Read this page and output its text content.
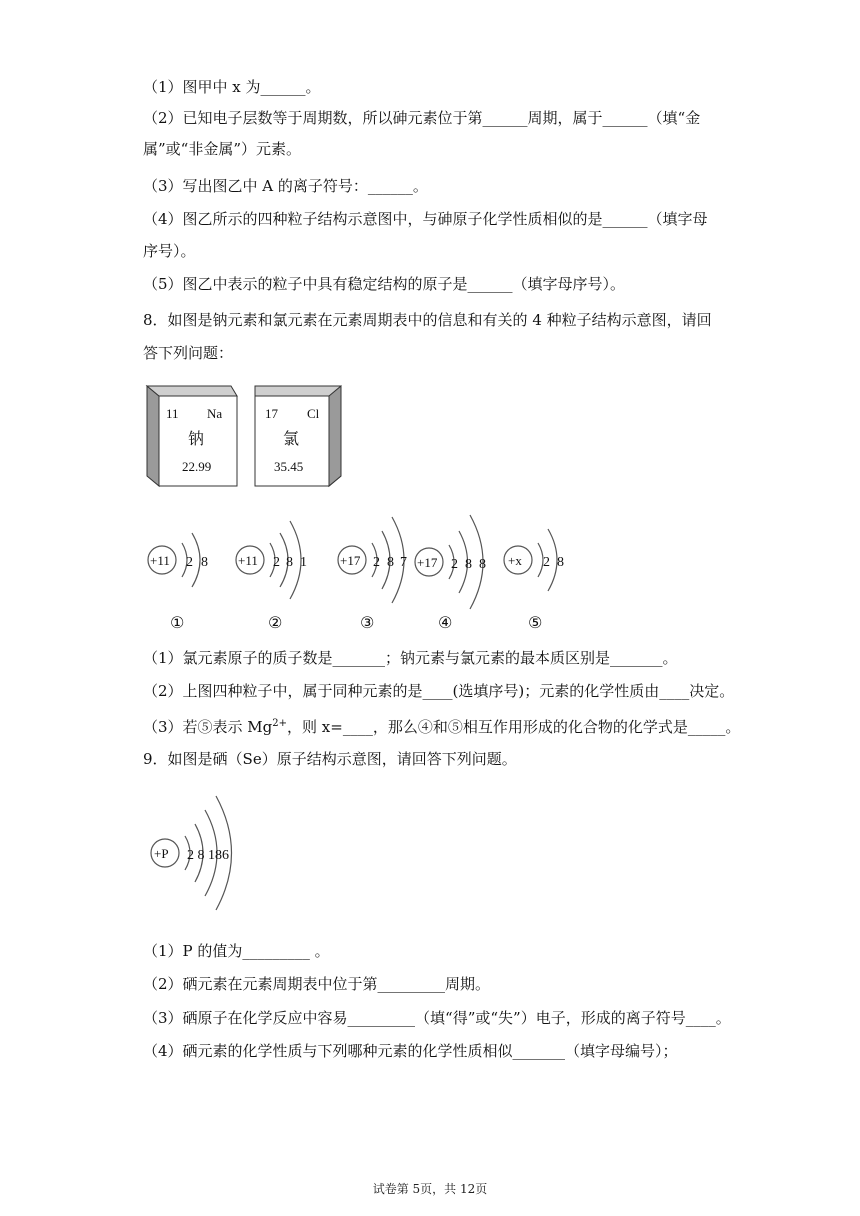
（1）图甲中 x 为______。
（2）已知电子层数等于周期数，所以砷元素位于第______周期，属于______（填“金
属”或“非金属”）元素。
（3）写出图乙中 A 的离子符号：______。
（4）图乙所示的四种粒子结构示意图中，与砷原子化学性质相似的是______（填字母
序号）。
（5）图乙中表示的粒子中具有稳定结构的原子是______（填字母序号）。
8．如图是钠元素和氯元素在元素周期表中的信息和有关的 4 种粒子结构示意图，请回
答下列问题：
11 Na
钠
22.99
17 Cl
氯
35.45
+11 2 8
①
+11 2 8 1
②
+17 2 8 7
③
+17 2 8 8
④
+x 2 8
⑤
（1）氯元素原子的质子数是_______；钠元素与氯元素的最本质区别是_______。
（2）上图四种粒子中，属于同种元素的是____(选填序号)；元素的化学性质由____决定。
（3）若⑤表示 $Mg^{2+}$，则 x=____，那么④和⑤相互作用形成的化合物的化学式是_____。
9．如图是硒（Se）原子结构示意图，请回答下列问题。
+P 2 8 186
（1）P 的值为_________ 。
（2）硒元素在元素周期表中位于第_________周期。
（3）硒原子在化学反应中容易_________（填“得”或“失”）电子，形成的离子符号____。
（4）硒元素的化学性质与下列哪种元素的化学性质相似_______（填字母编号）；
试卷第 5页，共 12页
